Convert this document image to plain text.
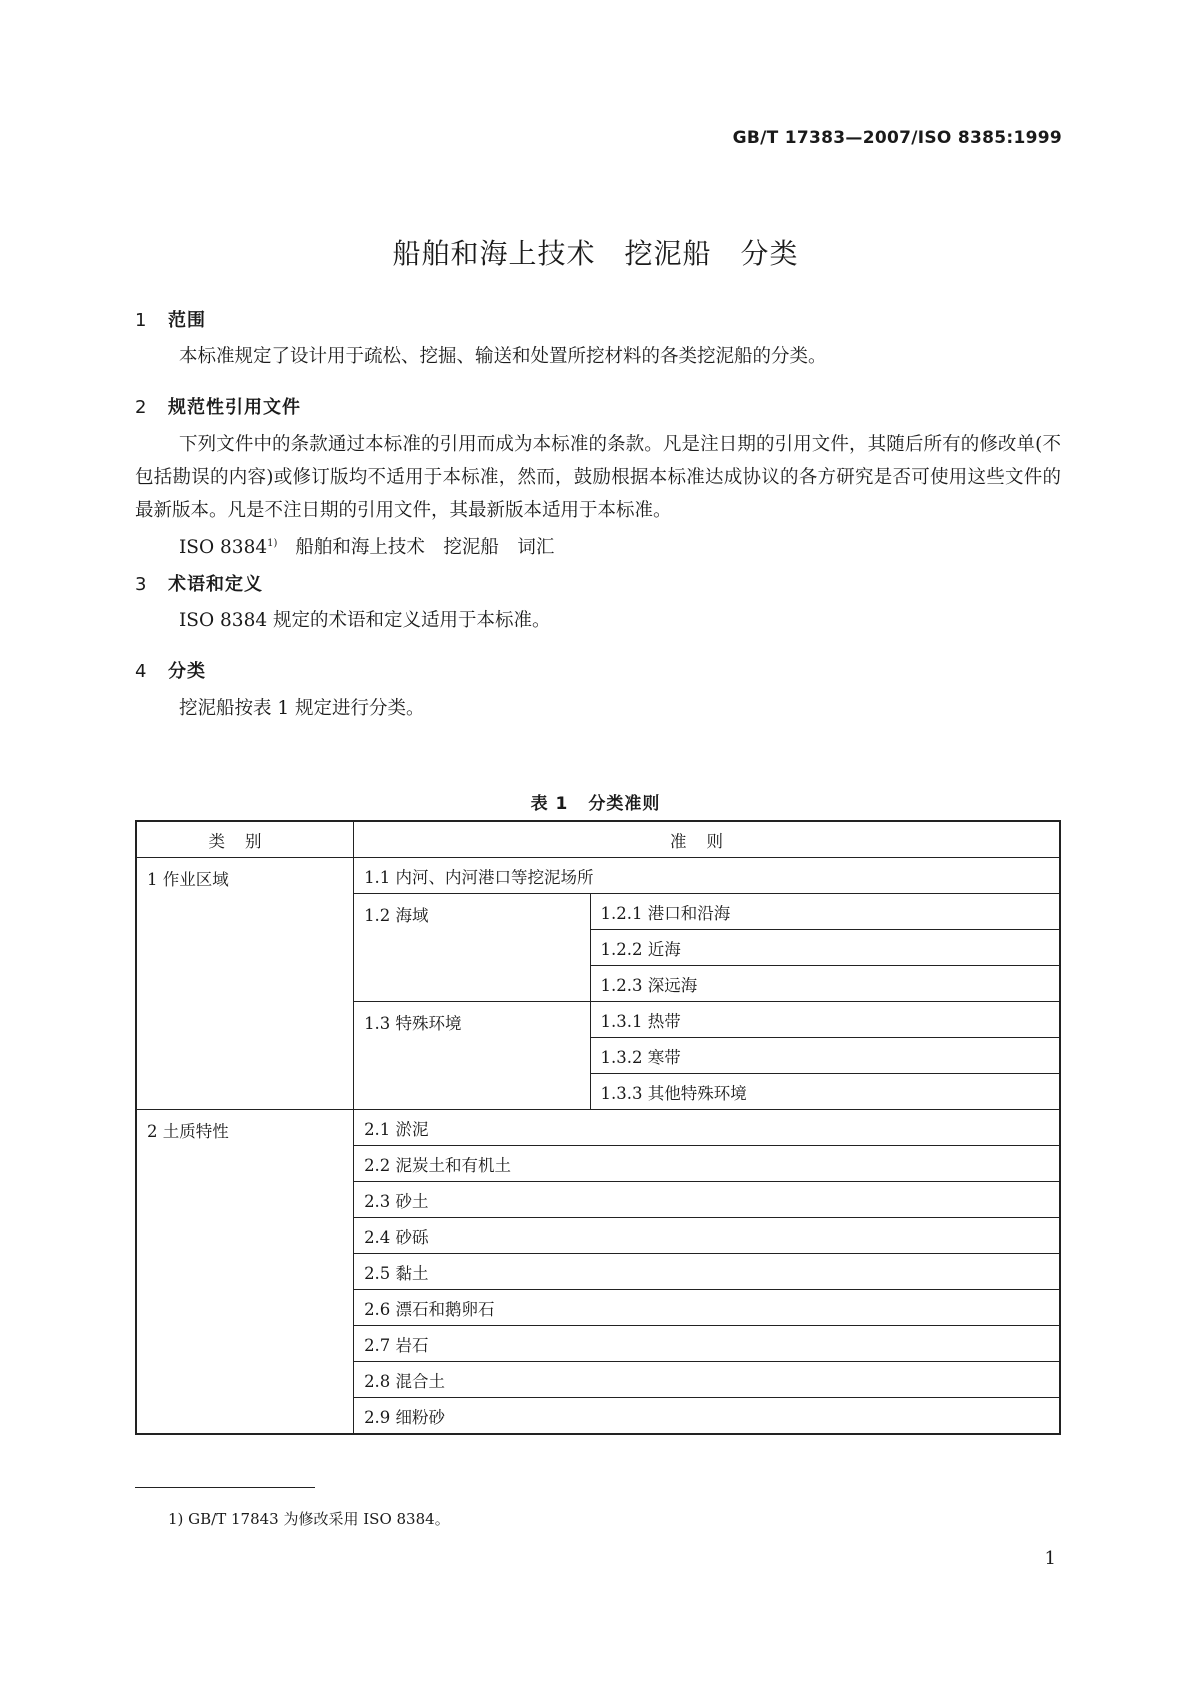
GB/T 17383—2007/ISO 8385:1999
船舶和海上技术　挖泥船　分类
1 范围
本标准规定了设计用于疏松、挖掘、输送和处置所挖材料的各类挖泥船的分类。
2 规范性引用文件
下列文件中的条款通过本标准的引用而成为本标准的条款。凡是注日期的引用文件，其随后所有的修改单(不包括勘误的内容)或修订版均不适用于本标准，然而，鼓励根据本标准达成协议的各方研究是否可使用这些文件的最新版本。凡是不注日期的引用文件，其最新版本适用于本标准。
ISO 8384$^{1)}$ 船舶和海上技术　挖泥船　词汇
3 术语和定义
ISO 8384 规定的术语和定义适用于本标准。
4 分类
挖泥船按表 1 规定进行分类。
表 1 分类准则
类别	准则	
1 作业区域	1.1 内河、内河港口等挖泥场所	
	1.2 海域	1.2.1 港口和沿海
		1.2.2 近海
		1.2.3 深远海
	1.3 特殊环境	1.3.1 热带
		1.3.2 寒带
		1.3.3 其他特殊环境
2 土质特性	2.1 淤泥	
	2.2 泥炭土和有机土	
	2.3 砂土	
	2.4 砂砾	
	2.5 黏土	
	2.6 漂石和鹅卵石	
	2.7 岩石	
	2.8 混合土	
	2.9 细粉砂	
1) GB/T 17843 为修改采用 ISO 8384。
1
